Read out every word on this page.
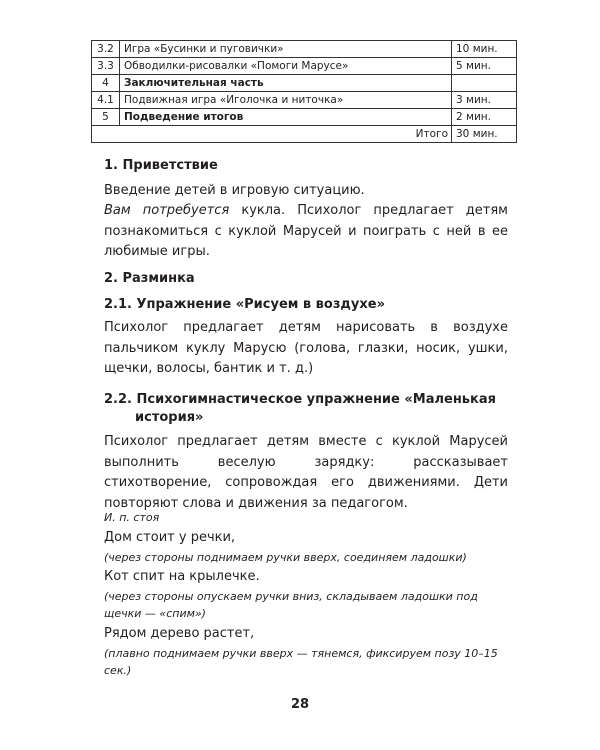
3.2	Игра «Бусинки и пуговички»	10 мин.
3.3	Обводилки-рисовалки «Помоги Марусе»	5 мин.
4	Заключительная часть	
4.1	Подвижная игра «Иголочка и ниточка»	3 мин.
5	Подведение итогов	2 мин.
Итого		30 мин.
1. Приветствие
Введение детей в игровую ситуацию.
Вам потребуется кукла. Психолог предлагает детям познакомиться с куклой Марусей и поиграть с ней в ее любимые игры.
2. Разминка
2.1. Упражнение «Рисуем в воздухе»
Психолог предлагает детям нарисовать в воздухе пальчиком куклу Марусю (голова, глазки, носик, ушки, щечки, волосы, бантик и т. д.)
2.2. Психогимнастическое упражнение «Маленькая
история»
Психолог предлагает детям вместе с куклой Марусей выполнить веселую зарядку: рассказывает стихотворение, сопровождая его движениями. Дети повторяют слова и движения за педагогом.
И. п. стоя
Дом стоит у речки,
(через стороны поднимаем ручки вверх, соединяем ладошки)
Кот спит на крылечке.
(через стороны опускаем ручки вниз, складываем ладошки под щечки — «спим»)
Рядом дерево растет,
(плавно поднимаем ручки вверх — тянемся, фиксируем позу 10–15 сек.)
28
